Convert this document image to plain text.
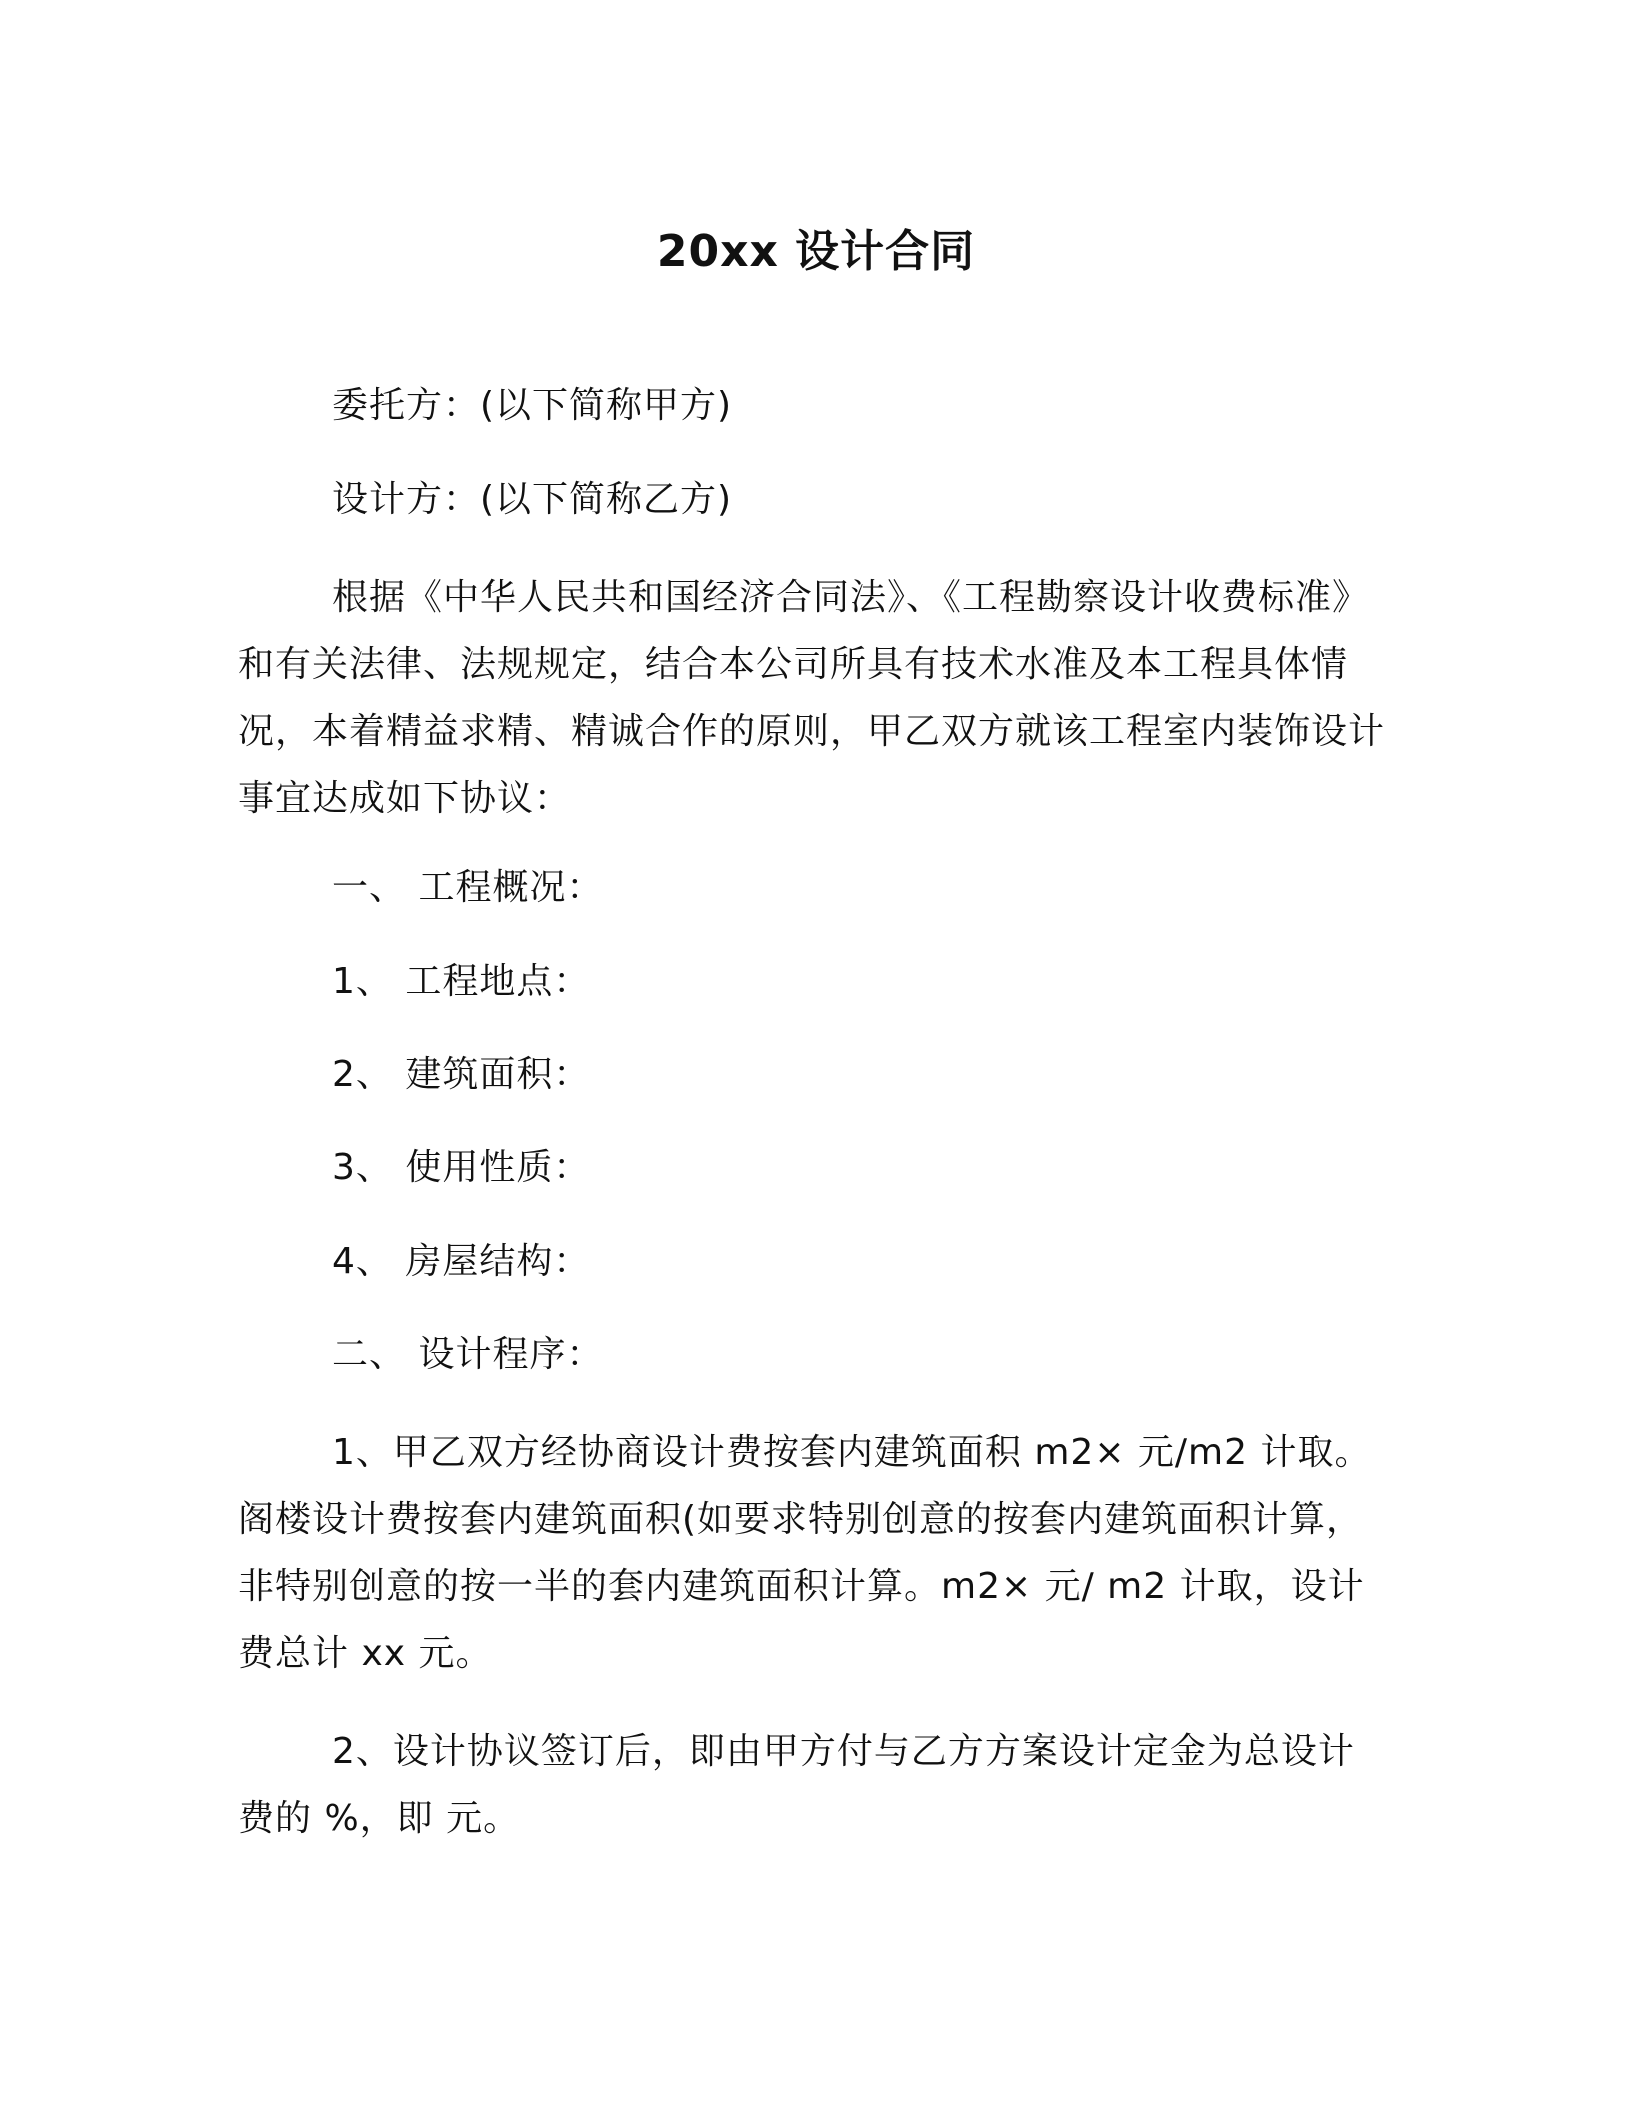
20xx 设计合同
委托方：(以下简称甲方)
设计方：(以下简称乙方)

根据《中华人民共和国经济合同法》、《工程勘察设计收费标准》和有关法律、法规规定，结合本公司所具有技术水准及本工程具体情况，本着精益求精、精诚合作的原则，甲乙双方就该工程室内装饰设计事宜达成如下协议：

一、 工程概况：
1、 工程地点：
2、 建筑面积：
3、 使用性质：
4、 房屋结构：
二、 设计程序：

1、甲乙双方经协商设计费按套内建筑面积 m2× 元/m2 计取。阁楼设计费按套内建筑面积(如要求特别创意的按套内建筑面积计算，非特别创意的按一半的套内建筑面积计算。m2× 元/ m2 计取，设计费总计 xx 元。

2、设计协议签订后，即由甲方付与乙方方案设计定金为总设计费的 %，即 元。
